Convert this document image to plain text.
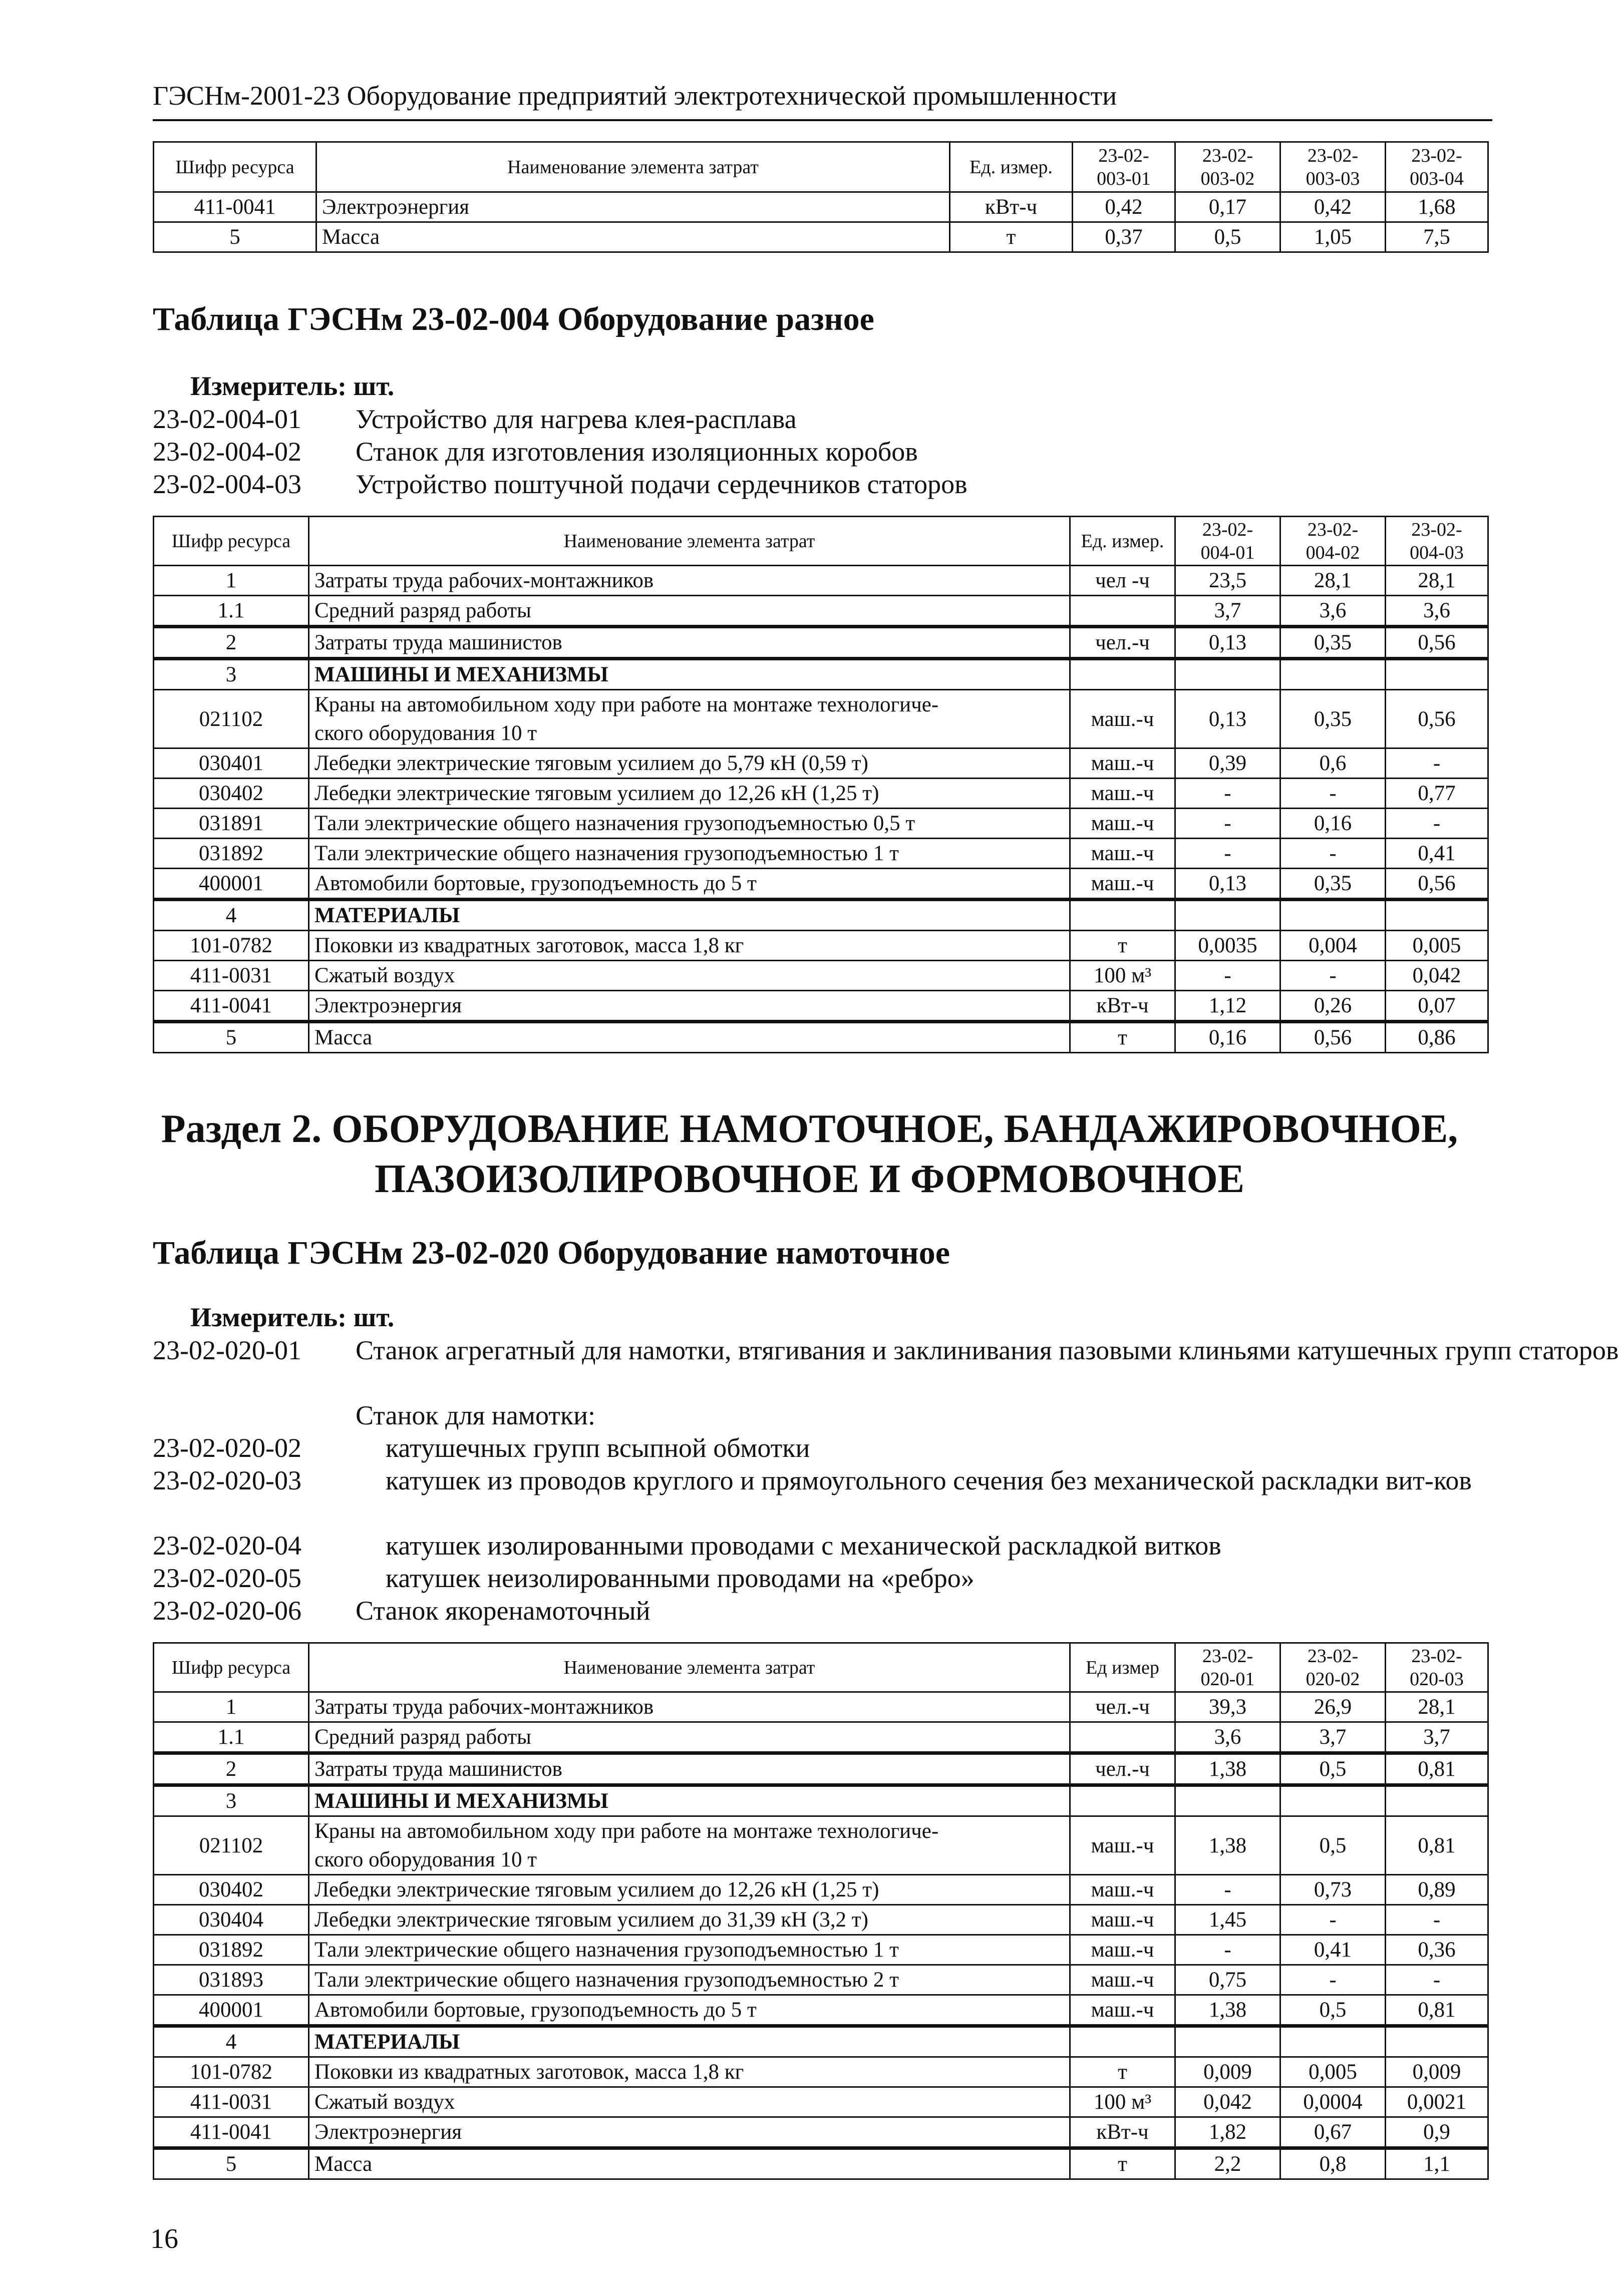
ГЭСНм-2001-23 Оборудование предприятий электротехнической промышленности
Шифр ресурса	Наименование элемента затрат	Ед. измер.	23-02-
003-01	23-02-
003-02	23-02-
003-03	23-02-
003-04
411-0041	Электроэнергия	кВт-ч	0,42	0,17	0,42	1,68
5	Масса	т	0,37	0,5	1,05	7,5
Таблица ГЭСНм 23-02-004 Оборудование разное
Измеритель: шт.
23-02-004-01 Устройство для нагрева клея-расплава
23-02-004-02 Станок для изготовления изоляционных коробов
23-02-004-03 Устройство поштучной подачи сердечников статоров
Шифр ресурса	Наименование элемента затрат	Ед. измер.	23-02-
004-01	23-02-
004-02	23-02-
004-03
1	Затраты труда рабочих-монтажников	чел -ч	23,5	28,1	28,1
1.1	Средний разряд работы		3,7	3,6	3,6
2	Затраты труда машинистов	чел.-ч	0,13	0,35	0,56
3	МАШИНЫ И МЕХАНИЗМЫ				
021102	Краны на автомобильном ходу при работе на монтаже технологиче-
ского оборудования 10 т	маш.-ч	0,13	0,35	0,56
030401	Лебедки электрические тяговым усилием до 5,79 кН (0,59 т)	маш.-ч	0,39	0,6	-
030402	Лебедки электрические тяговым усилием до 12,26 кН (1,25 т)	маш.-ч	-	-	0,77
031891	Тали электрические общего назначения грузоподъемностью 0,5 т	маш.-ч	-	0,16	-
031892	Тали электрические общего назначения грузоподъемностью 1 т	маш.-ч	-	-	0,41
400001	Автомобили бортовые, грузоподъемность до 5 т	маш.-ч	0,13	0,35	0,56
4	МАТЕРИАЛЫ				
101-0782	Поковки из квадратных заготовок, масса 1,8 кг	т	0,0035	0,004	0,005
411-0031	Сжатый воздух	100 м³	-	-	0,042
411-0041	Электроэнергия	кВт-ч	1,12	0,26	0,07
5	Масса	т	0,16	0,56	0,86
Раздел 2. ОБОРУДОВАНИЕ НАМОТОЧНОЕ, БАНДАЖИРОВОЧНОЕ,
ПАЗОИЗОЛИРОВОЧНОЕ И ФОРМОВОЧНОЕ
Таблица ГЭСНм 23-02-020 Оборудование намоточное
Измеритель: шт.
23-02-020-01 Станок агрегатный для намотки, втягивания и заклинивания пазовыми клиньями катушечных групп статоров
Станок для намотки:
23-02-020-02	катушечных групп всыпной обмотки
23-02-020-03	катушек из проводов круглого и прямоугольного сечения без механической раскладки вит-ков
23-02-020-04	катушек изолированными проводами с механической раскладкой витков
23-02-020-05	катушек неизолированными проводами на «ребро»
23-02-020-06 Станок якоренамоточный
Шифр ресурса	Наименование элемента затрат	Ед измер	23-02-
020-01	23-02-
020-02	23-02-
020-03
1	Затраты труда рабочих-монтажников	чел.-ч	39,3	26,9	28,1
1.1	Средний разряд работы		3,6	3,7	3,7
2	Затраты труда машинистов	чел.-ч	1,38	0,5	0,81
3	МАШИНЫ И МЕХАНИЗМЫ				
021102	Краны на автомобильном ходу при работе на монтаже технологиче-
ского оборудования 10 т	маш.-ч	1,38	0,5	0,81
030402	Лебедки электрические тяговым усилием до 12,26 кН (1,25 т)	маш.-ч	-	0,73	0,89
030404	Лебедки электрические тяговым усилием до 31,39 кН (3,2 т)	маш.-ч	1,45	-	-
031892	Тали электрические общего назначения грузоподъемностью 1 т	маш.-ч	-	0,41	0,36
031893	Тали электрические общего назначения грузоподъемностью 2 т	маш.-ч	0,75	-	-
400001	Автомобили бортовые, грузоподъемность до 5 т	маш.-ч	1,38	0,5	0,81
4	МАТЕРИАЛЫ				
101-0782	Поковки из квадратных заготовок, масса 1,8 кг	т	0,009	0,005	0,009
411-0031	Сжатый воздух	100 м³	0,042	0,0004	0,0021
411-0041	Электроэнергия	кВт-ч	1,82	0,67	0,9
5	Масса	т	2,2	0,8	1,1
16
